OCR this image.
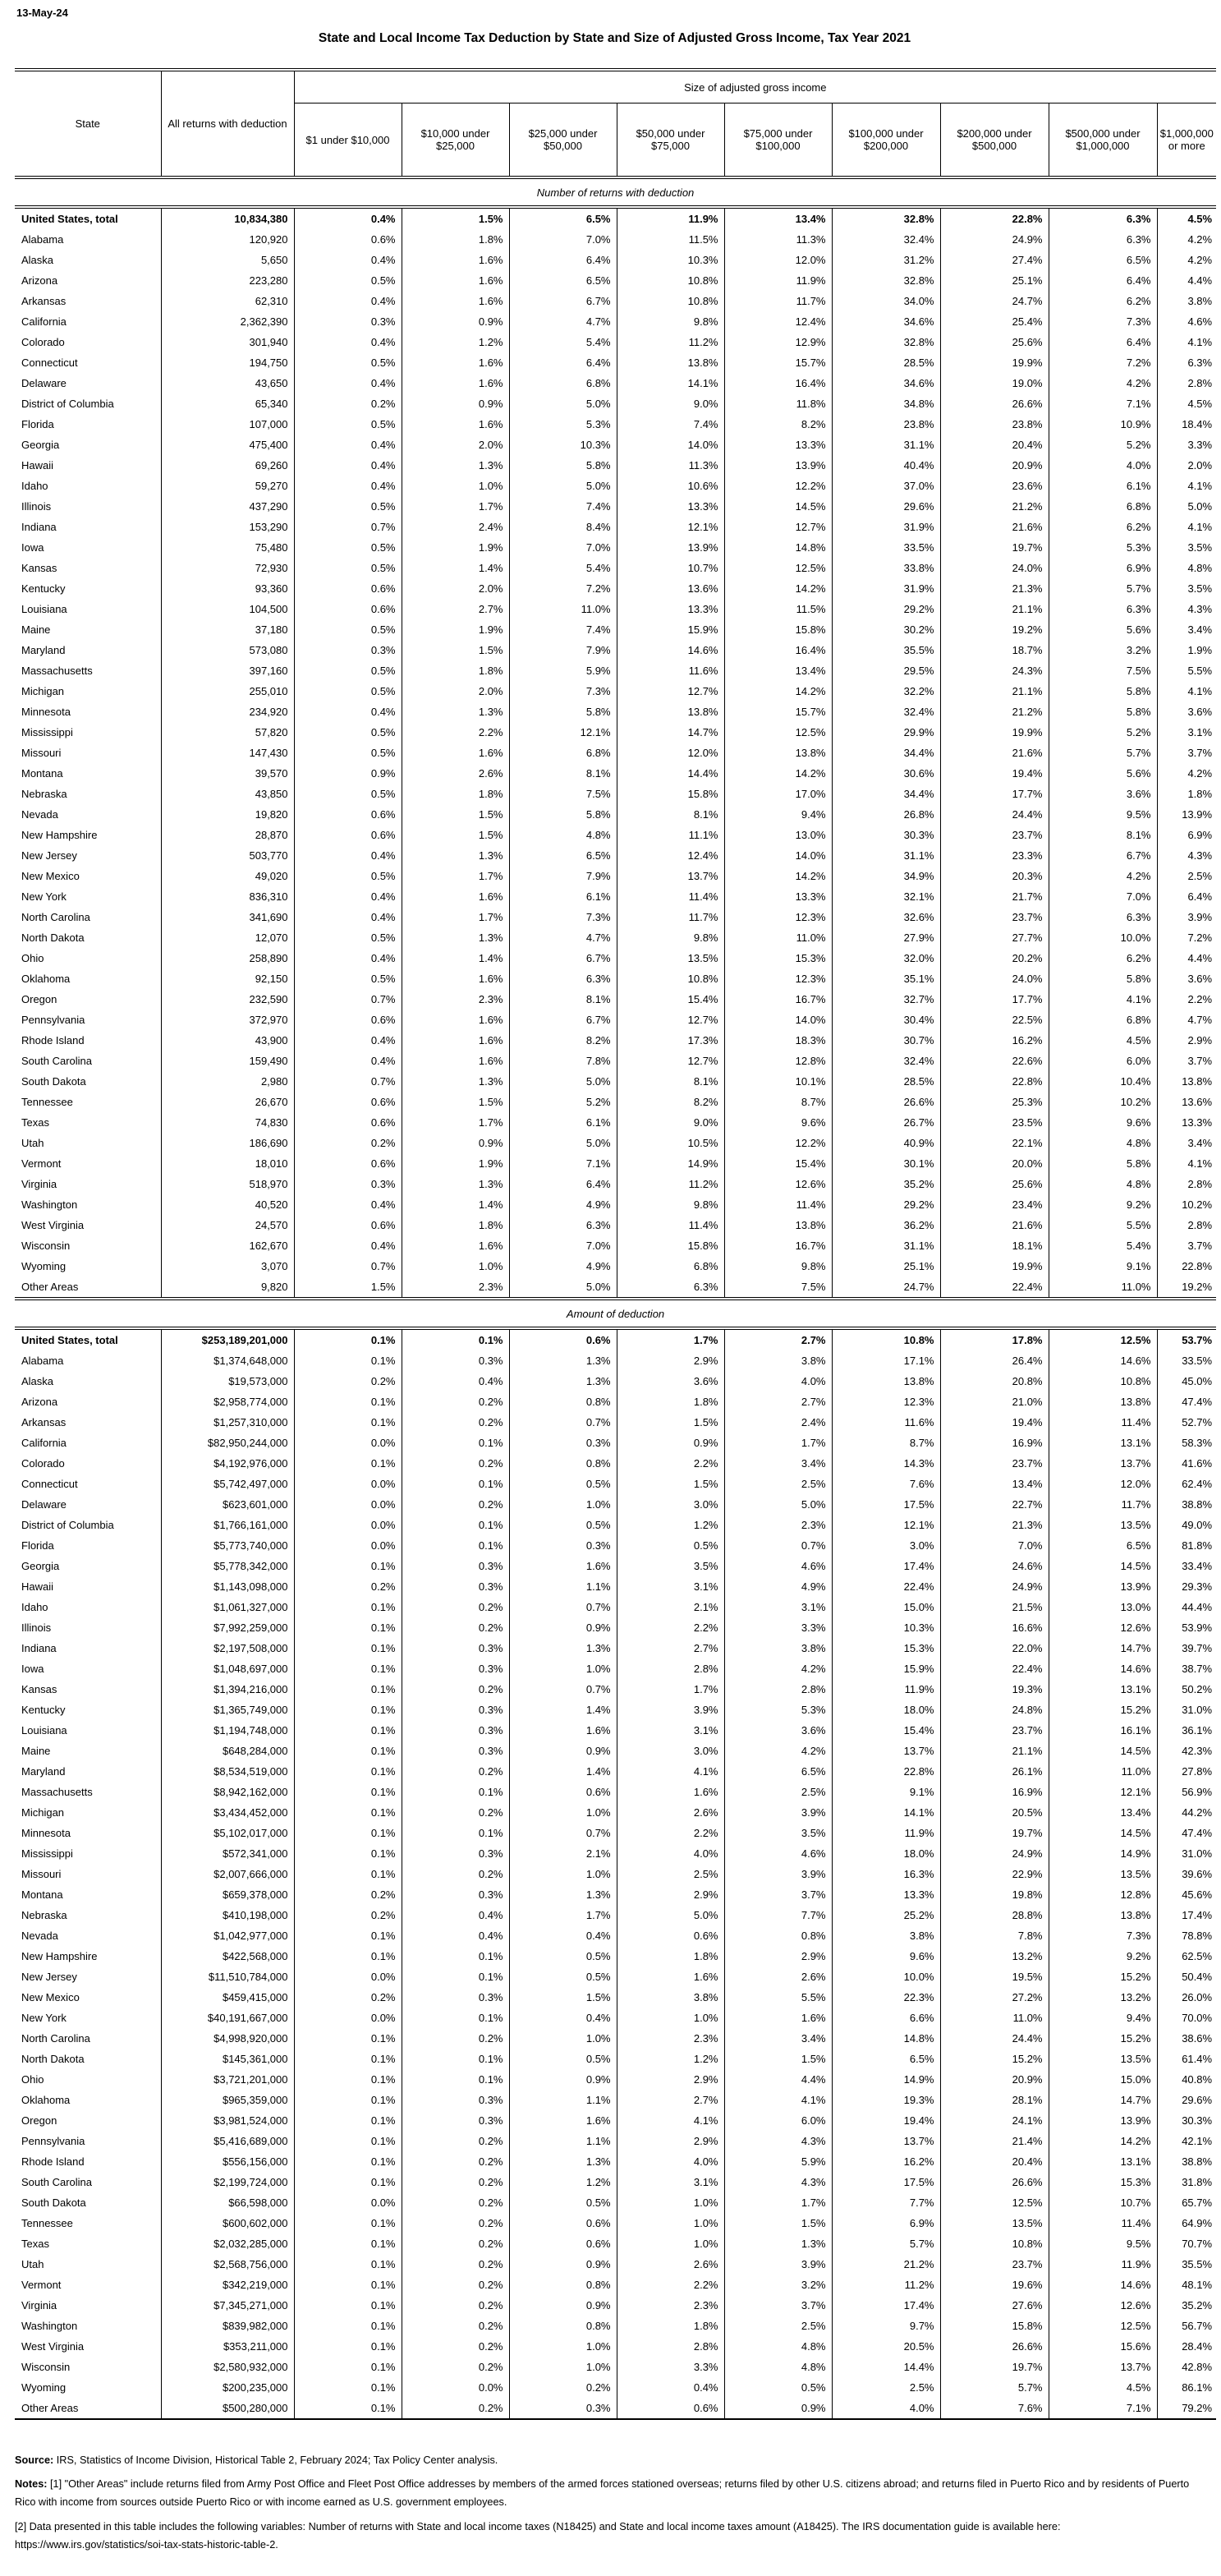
13-May-24
State and Local Income Tax Deduction by State and Size of Adjusted Gross Income, Tax Year 2021
State	All returns with deduction	Size of adjusted gross income								
		$1 under $10,000	$10,000 under $25,000	$25,000 under $50,000	$50,000 under $75,000	$75,000 under $100,000	$100,000 under $200,000	$200,000 under $500,000	$500,000 under $1,000,000	$1,000,000 or more
Number of returns with deduction										
United States, total	10,834,380	0.4%	1.5%	6.5%	11.9%	13.4%	32.8%	22.8%	6.3%	4.5%
Alabama	120,920	0.6%	1.8%	7.0%	11.5%	11.3%	32.4%	24.9%	6.3%	4.2%
Alaska	5,650	0.4%	1.6%	6.4%	10.3%	12.0%	31.2%	27.4%	6.5%	4.2%
Arizona	223,280	0.5%	1.6%	6.5%	10.8%	11.9%	32.8%	25.1%	6.4%	4.4%
Arkansas	62,310	0.4%	1.6%	6.7%	10.8%	11.7%	34.0%	24.7%	6.2%	3.8%
California	2,362,390	0.3%	0.9%	4.7%	9.8%	12.4%	34.6%	25.4%	7.3%	4.6%
Colorado	301,940	0.4%	1.2%	5.4%	11.2%	12.9%	32.8%	25.6%	6.4%	4.1%
Connecticut	194,750	0.5%	1.6%	6.4%	13.8%	15.7%	28.5%	19.9%	7.2%	6.3%
Delaware	43,650	0.4%	1.6%	6.8%	14.1%	16.4%	34.6%	19.0%	4.2%	2.8%
District of Columbia	65,340	0.2%	0.9%	5.0%	9.0%	11.8%	34.8%	26.6%	7.1%	4.5%
Florida	107,000	0.5%	1.6%	5.3%	7.4%	8.2%	23.8%	23.8%	10.9%	18.4%
Georgia	475,400	0.4%	2.0%	10.3%	14.0%	13.3%	31.1%	20.4%	5.2%	3.3%
Hawaii	69,260	0.4%	1.3%	5.8%	11.3%	13.9%	40.4%	20.9%	4.0%	2.0%
Idaho	59,270	0.4%	1.0%	5.0%	10.6%	12.2%	37.0%	23.6%	6.1%	4.1%
Illinois	437,290	0.5%	1.7%	7.4%	13.3%	14.5%	29.6%	21.2%	6.8%	5.0%
Indiana	153,290	0.7%	2.4%	8.4%	12.1%	12.7%	31.9%	21.6%	6.2%	4.1%
Iowa	75,480	0.5%	1.9%	7.0%	13.9%	14.8%	33.5%	19.7%	5.3%	3.5%
Kansas	72,930	0.5%	1.4%	5.4%	10.7%	12.5%	33.8%	24.0%	6.9%	4.8%
Kentucky	93,360	0.6%	2.0%	7.2%	13.6%	14.2%	31.9%	21.3%	5.7%	3.5%
Louisiana	104,500	0.6%	2.7%	11.0%	13.3%	11.5%	29.2%	21.1%	6.3%	4.3%
Maine	37,180	0.5%	1.9%	7.4%	15.9%	15.8%	30.2%	19.2%	5.6%	3.4%
Maryland	573,080	0.3%	1.5%	7.9%	14.6%	16.4%	35.5%	18.7%	3.2%	1.9%
Massachusetts	397,160	0.5%	1.8%	5.9%	11.6%	13.4%	29.5%	24.3%	7.5%	5.5%
Michigan	255,010	0.5%	2.0%	7.3%	12.7%	14.2%	32.2%	21.1%	5.8%	4.1%
Minnesota	234,920	0.4%	1.3%	5.8%	13.8%	15.7%	32.4%	21.2%	5.8%	3.6%
Mississippi	57,820	0.5%	2.2%	12.1%	14.7%	12.5%	29.9%	19.9%	5.2%	3.1%
Missouri	147,430	0.5%	1.6%	6.8%	12.0%	13.8%	34.4%	21.6%	5.7%	3.7%
Montana	39,570	0.9%	2.6%	8.1%	14.4%	14.2%	30.6%	19.4%	5.6%	4.2%
Nebraska	43,850	0.5%	1.8%	7.5%	15.8%	17.0%	34.4%	17.7%	3.6%	1.8%
Nevada	19,820	0.6%	1.5%	5.8%	8.1%	9.4%	26.8%	24.4%	9.5%	13.9%
New Hampshire	28,870	0.6%	1.5%	4.8%	11.1%	13.0%	30.3%	23.7%	8.1%	6.9%
New Jersey	503,770	0.4%	1.3%	6.5%	12.4%	14.0%	31.1%	23.3%	6.7%	4.3%
New Mexico	49,020	0.5%	1.7%	7.9%	13.7%	14.2%	34.9%	20.3%	4.2%	2.5%
New York	836,310	0.4%	1.6%	6.1%	11.4%	13.3%	32.1%	21.7%	7.0%	6.4%
North Carolina	341,690	0.4%	1.7%	7.3%	11.7%	12.3%	32.6%	23.7%	6.3%	3.9%
North Dakota	12,070	0.5%	1.3%	4.7%	9.8%	11.0%	27.9%	27.7%	10.0%	7.2%
Ohio	258,890	0.4%	1.4%	6.7%	13.5%	15.3%	32.0%	20.2%	6.2%	4.4%
Oklahoma	92,150	0.5%	1.6%	6.3%	10.8%	12.3%	35.1%	24.0%	5.8%	3.6%
Oregon	232,590	0.7%	2.3%	8.1%	15.4%	16.7%	32.7%	17.7%	4.1%	2.2%
Pennsylvania	372,970	0.6%	1.6%	6.7%	12.7%	14.0%	30.4%	22.5%	6.8%	4.7%
Rhode Island	43,900	0.4%	1.6%	8.2%	17.3%	18.3%	30.7%	16.2%	4.5%	2.9%
South Carolina	159,490	0.4%	1.6%	7.8%	12.7%	12.8%	32.4%	22.6%	6.0%	3.7%
South Dakota	2,980	0.7%	1.3%	5.0%	8.1%	10.1%	28.5%	22.8%	10.4%	13.8%
Tennessee	26,670	0.6%	1.5%	5.2%	8.2%	8.7%	26.6%	25.3%	10.2%	13.6%
Texas	74,830	0.6%	1.7%	6.1%	9.0%	9.6%	26.7%	23.5%	9.6%	13.3%
Utah	186,690	0.2%	0.9%	5.0%	10.5%	12.2%	40.9%	22.1%	4.8%	3.4%
Vermont	18,010	0.6%	1.9%	7.1%	14.9%	15.4%	30.1%	20.0%	5.8%	4.1%
Virginia	518,970	0.3%	1.3%	6.4%	11.2%	12.6%	35.2%	25.6%	4.8%	2.8%
Washington	40,520	0.4%	1.4%	4.9%	9.8%	11.4%	29.2%	23.4%	9.2%	10.2%
West Virginia	24,570	0.6%	1.8%	6.3%	11.4%	13.8%	36.2%	21.6%	5.5%	2.8%
Wisconsin	162,670	0.4%	1.6%	7.0%	15.8%	16.7%	31.1%	18.1%	5.4%	3.7%
Wyoming	3,070	0.7%	1.0%	4.9%	6.8%	9.8%	25.1%	19.9%	9.1%	22.8%
Other Areas	9,820	1.5%	2.3%	5.0%	6.3%	7.5%	24.7%	22.4%	11.0%	19.2%
Amount of deduction										
United States, total	$253,189,201,000	0.1%	0.1%	0.6%	1.7%	2.7%	10.8%	17.8%	12.5%	53.7%
Alabama	$1,374,648,000	0.1%	0.3%	1.3%	2.9%	3.8%	17.1%	26.4%	14.6%	33.5%
Alaska	$19,573,000	0.2%	0.4%	1.3%	3.6%	4.0%	13.8%	20.8%	10.8%	45.0%
Arizona	$2,958,774,000	0.1%	0.2%	0.8%	1.8%	2.7%	12.3%	21.0%	13.8%	47.4%
Arkansas	$1,257,310,000	0.1%	0.2%	0.7%	1.5%	2.4%	11.6%	19.4%	11.4%	52.7%
California	$82,950,244,000	0.0%	0.1%	0.3%	0.9%	1.7%	8.7%	16.9%	13.1%	58.3%
Colorado	$4,192,976,000	0.1%	0.2%	0.8%	2.2%	3.4%	14.3%	23.7%	13.7%	41.6%
Connecticut	$5,742,497,000	0.0%	0.1%	0.5%	1.5%	2.5%	7.6%	13.4%	12.0%	62.4%
Delaware	$623,601,000	0.0%	0.2%	1.0%	3.0%	5.0%	17.5%	22.7%	11.7%	38.8%
District of Columbia	$1,766,161,000	0.0%	0.1%	0.5%	1.2%	2.3%	12.1%	21.3%	13.5%	49.0%
Florida	$5,773,740,000	0.0%	0.1%	0.3%	0.5%	0.7%	3.0%	7.0%	6.5%	81.8%
Georgia	$5,778,342,000	0.1%	0.3%	1.6%	3.5%	4.6%	17.4%	24.6%	14.5%	33.4%
Hawaii	$1,143,098,000	0.2%	0.3%	1.1%	3.1%	4.9%	22.4%	24.9%	13.9%	29.3%
Idaho	$1,061,327,000	0.1%	0.2%	0.7%	2.1%	3.1%	15.0%	21.5%	13.0%	44.4%
Illinois	$7,992,259,000	0.1%	0.2%	0.9%	2.2%	3.3%	10.3%	16.6%	12.6%	53.9%
Indiana	$2,197,508,000	0.1%	0.3%	1.3%	2.7%	3.8%	15.3%	22.0%	14.7%	39.7%
Iowa	$1,048,697,000	0.1%	0.3%	1.0%	2.8%	4.2%	15.9%	22.4%	14.6%	38.7%
Kansas	$1,394,216,000	0.1%	0.2%	0.7%	1.7%	2.8%	11.9%	19.3%	13.1%	50.2%
Kentucky	$1,365,749,000	0.1%	0.3%	1.4%	3.9%	5.3%	18.0%	24.8%	15.2%	31.0%
Louisiana	$1,194,748,000	0.1%	0.3%	1.6%	3.1%	3.6%	15.4%	23.7%	16.1%	36.1%
Maine	$648,284,000	0.1%	0.3%	0.9%	3.0%	4.2%	13.7%	21.1%	14.5%	42.3%
Maryland	$8,534,519,000	0.1%	0.2%	1.4%	4.1%	6.5%	22.8%	26.1%	11.0%	27.8%
Massachusetts	$8,942,162,000	0.1%	0.1%	0.6%	1.6%	2.5%	9.1%	16.9%	12.1%	56.9%
Michigan	$3,434,452,000	0.1%	0.2%	1.0%	2.6%	3.9%	14.1%	20.5%	13.4%	44.2%
Minnesota	$5,102,017,000	0.1%	0.1%	0.7%	2.2%	3.5%	11.9%	19.7%	14.5%	47.4%
Mississippi	$572,341,000	0.1%	0.3%	2.1%	4.0%	4.6%	18.0%	24.9%	14.9%	31.0%
Missouri	$2,007,666,000	0.1%	0.2%	1.0%	2.5%	3.9%	16.3%	22.9%	13.5%	39.6%
Montana	$659,378,000	0.2%	0.3%	1.3%	2.9%	3.7%	13.3%	19.8%	12.8%	45.6%
Nebraska	$410,198,000	0.2%	0.4%	1.7%	5.0%	7.7%	25.2%	28.8%	13.8%	17.4%
Nevada	$1,042,977,000	0.1%	0.4%	0.4%	0.6%	0.8%	3.8%	7.8%	7.3%	78.8%
New Hampshire	$422,568,000	0.1%	0.1%	0.5%	1.8%	2.9%	9.6%	13.2%	9.2%	62.5%
New Jersey	$11,510,784,000	0.0%	0.1%	0.5%	1.6%	2.6%	10.0%	19.5%	15.2%	50.4%
New Mexico	$459,415,000	0.2%	0.3%	1.5%	3.8%	5.5%	22.3%	27.2%	13.2%	26.0%
New York	$40,191,667,000	0.0%	0.1%	0.4%	1.0%	1.6%	6.6%	11.0%	9.4%	70.0%
North Carolina	$4,998,920,000	0.1%	0.2%	1.0%	2.3%	3.4%	14.8%	24.4%	15.2%	38.6%
North Dakota	$145,361,000	0.1%	0.1%	0.5%	1.2%	1.5%	6.5%	15.2%	13.5%	61.4%
Ohio	$3,721,201,000	0.1%	0.1%	0.9%	2.9%	4.4%	14.9%	20.9%	15.0%	40.8%
Oklahoma	$965,359,000	0.1%	0.3%	1.1%	2.7%	4.1%	19.3%	28.1%	14.7%	29.6%
Oregon	$3,981,524,000	0.1%	0.3%	1.6%	4.1%	6.0%	19.4%	24.1%	13.9%	30.3%
Pennsylvania	$5,416,689,000	0.1%	0.2%	1.1%	2.9%	4.3%	13.7%	21.4%	14.2%	42.1%
Rhode Island	$556,156,000	0.1%	0.2%	1.3%	4.0%	5.9%	16.2%	20.4%	13.1%	38.8%
South Carolina	$2,199,724,000	0.1%	0.2%	1.2%	3.1%	4.3%	17.5%	26.6%	15.3%	31.8%
South Dakota	$66,598,000	0.0%	0.2%	0.5%	1.0%	1.7%	7.7%	12.5%	10.7%	65.7%
Tennessee	$600,602,000	0.1%	0.2%	0.6%	1.0%	1.5%	6.9%	13.5%	11.4%	64.9%
Texas	$2,032,285,000	0.1%	0.2%	0.6%	1.0%	1.3%	5.7%	10.8%	9.5%	70.7%
Utah	$2,568,756,000	0.1%	0.2%	0.9%	2.6%	3.9%	21.2%	23.7%	11.9%	35.5%
Vermont	$342,219,000	0.1%	0.2%	0.8%	2.2%	3.2%	11.2%	19.6%	14.6%	48.1%
Virginia	$7,345,271,000	0.1%	0.2%	0.9%	2.3%	3.7%	17.4%	27.6%	12.6%	35.2%
Washington	$839,982,000	0.1%	0.2%	0.8%	1.8%	2.5%	9.7%	15.8%	12.5%	56.7%
West Virginia	$353,211,000	0.1%	0.2%	1.0%	2.8%	4.8%	20.5%	26.6%	15.6%	28.4%
Wisconsin	$2,580,932,000	0.1%	0.2%	1.0%	3.3%	4.8%	14.4%	19.7%	13.7%	42.8%
Wyoming	$200,235,000	0.1%	0.0%	0.2%	0.4%	0.5%	2.5%	5.7%	4.5%	86.1%
Other Areas	$500,280,000	0.1%	0.2%	0.3%	0.6%	0.9%	4.0%	7.6%	7.1%	79.2%

Source: IRS, Statistics of Income Division, Historical Table 2, February 2024; Tax Policy Center analysis.

Notes: [1] "Other Areas" include returns filed from Army Post Office and Fleet Post Office addresses by members of the armed forces stationed overseas; returns filed by other U.S. citizens abroad; and returns filed in Puerto Rico and by residents of Puerto Rico with income from sources outside Puerto Rico or with income earned as U.S. government employees.

[2] Data presented in this table includes the following variables: Number of returns with State and local income taxes (N18425) and State and local income taxes amount (A18425). The IRS documentation guide is available here: https://www.irs.gov/statistics/soi-tax-stats-historic-table-2.
